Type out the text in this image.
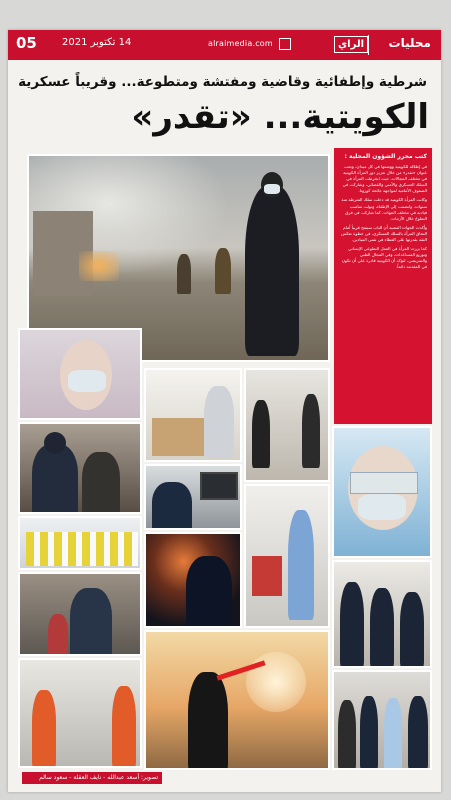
05	14 تكتوبر 2021	alraimedia.com	الراي	محليات
شرطية وإطفائية وقاضية ومفتشة ومتطوعة... وقريباً عسكرية
الكويتية... «تقدر»
كتب محرر الشؤون المحلية :

في إطلالة للكويتية ووضعها في كل ميدان، وتحت عنوان «تقدر» من خلال تعزيز دور المرأة الكويتية في مختلف المجالات، حيث انخرطت المرأة في السلك العسكري والأمني والقضائي، وشاركت في الصفوف الأمامية لمواجهة جائحة كورونا.

وكانت المرأة الكويتية قد دخلت سلك الشرطة منذ سنوات، وانضمت إلى الإطفاء، وتولت مناصب قيادية في مختلف الجهات، كما شاركت في فرق التطوع خلال الأزمات.

وأكدت الجهات المعنية أن الباب سيفتح قريباً أمام التحاق المرأة بالسلك العسكري، في خطوة تعكس الثقة بقدرتها على العطاء في شتى الميادين.

كما برزت المرأة في العمل التطوعي الإنساني وتوزيع المساعدات، وفي المجال الطبي والتمريضي، لتؤكد أن الكويتية قادرة على أن تكون في المقدمة دائماً.

تصوير: أسعد عبدالله - نايف العقلة - سعود سالم
